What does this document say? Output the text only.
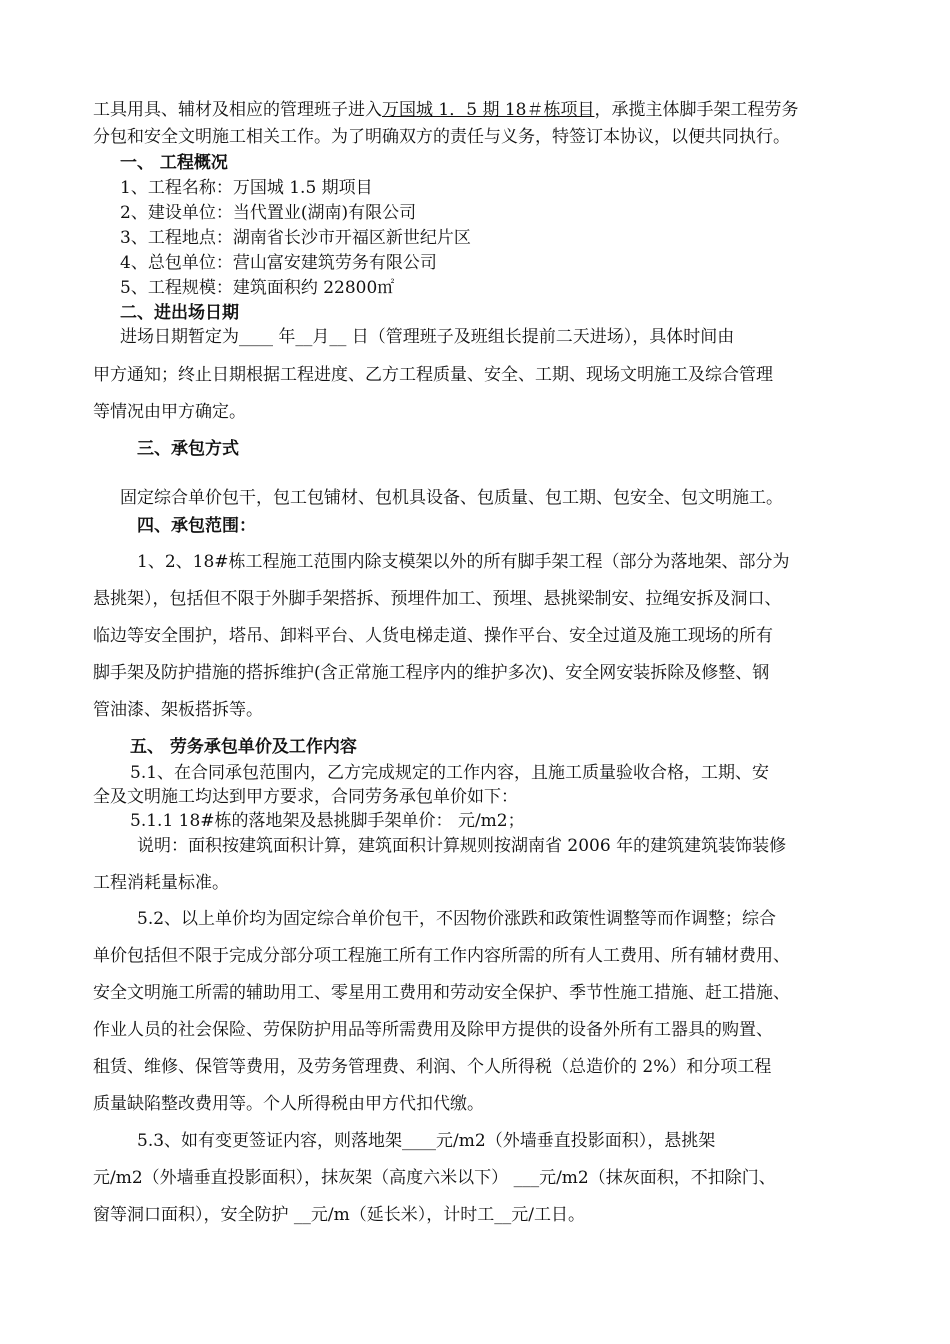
工具用具、辅材及相应的管理班子进入万国城 1．5 期 18＃栋项目，承揽主体脚手架工程劳务
分包和安全文明施工相关工作。为了明确双方的责任与义务，特签订本协议，以便共同执行。
一、 工程概况
1、工程名称：万国城 1.5 期项目
2、建设单位：当代置业(湖南)有限公司
3、工程地点：湖南省长沙市开福区新世纪片区
4、总包单位：营山富安建筑劳务有限公司
5、工程规模：建筑面积约 22800㎡
二、进出场日期
进场日期暂定为____ 年__月__ 日（管理班子及班组长提前二天进场），具体时间由
甲方通知；终止日期根据工程进度、乙方工程质量、安全、工期、现场文明施工及综合管理
等情况由甲方确定。
三、承包方式
固定综合单价包干，包工包铺材、包机具设备、包质量、包工期、包安全、包文明施工。
四、承包范围：
1、2、18#栋工程施工范围内除支模架以外的所有脚手架工程（部分为落地架、部分为
悬挑架），包括但不限于外脚手架搭拆、预埋件加工、预埋、悬挑梁制安、拉绳安拆及洞口、
临边等安全围护，塔吊、卸料平台、人货电梯走道、操作平台、安全过道及施工现场的所有
脚手架及防护措施的搭拆维护(含正常施工程序内的维护多次)、安全网安装拆除及修整、钢
管油漆、架板搭拆等。
五、 劳务承包单价及工作内容
5.1、在合同承包范围内，乙方完成规定的工作内容，且施工质量验收合格，工期、安
全及文明施工均达到甲方要求，合同劳务承包单价如下：
5.1.1 18#栋的落地架及悬挑脚手架单价： 元/m2；
说明：面积按建筑面积计算，建筑面积计算规则按湖南省 2006 年的建筑建筑装饰装修
工程消耗量标准。
5.2、以上单价均为固定综合单价包干，不因物价涨跌和政策性调整等而作调整；综合
单价包括但不限于完成分部分项工程施工所有工作内容所需的所有人工费用、所有辅材费用、
安全文明施工所需的辅助用工、零星用工费用和劳动安全保护、季节性施工措施、赶工措施、
作业人员的社会保险、劳保防护用品等所需费用及除甲方提供的设备外所有工器具的购置、
租赁、维修、保管等费用，及劳务管理费、利润、个人所得税（总造价的 2%）和分项工程
质量缺陷整改费用等。个人所得税由甲方代扣代缴。
5.3、如有变更签证内容，则落地架____元/m2（外墙垂直投影面积），悬挑架
元/m2（外墙垂直投影面积），抹灰架（高度六米以下） ___元/m2（抹灰面积，不扣除门、
窗等洞口面积），安全防护 __元/m（延长米），计时工__元/工日。
